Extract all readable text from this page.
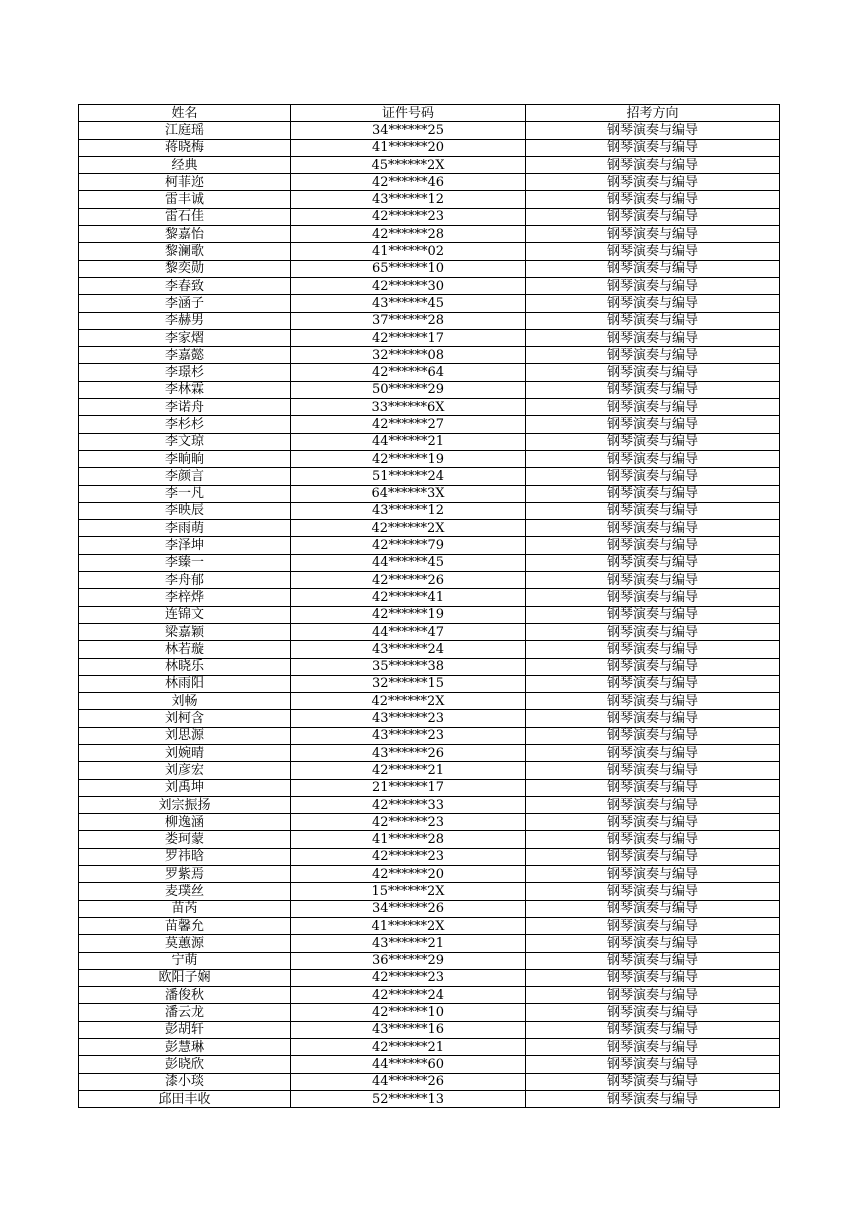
姓名	证件号码	招考方向
江庭瑶	34******25	钢琴演奏与编导
蒋晓梅	41******20	钢琴演奏与编导
经典	45******2X	钢琴演奏与编导
柯菲迩	42******46	钢琴演奏与编导
雷丰诚	43******12	钢琴演奏与编导
雷石佳	42******23	钢琴演奏与编导
黎嘉怡	42******28	钢琴演奏与编导
黎澜歌	41******02	钢琴演奏与编导
黎奕勋	65******10	钢琴演奏与编导
李春致	42******30	钢琴演奏与编导
李涵子	43******45	钢琴演奏与编导
李赫男	37******28	钢琴演奏与编导
李家熠	42******17	钢琴演奏与编导
李嘉懿	32******08	钢琴演奏与编导
李璟杉	42******64	钢琴演奏与编导
李林霖	50******29	钢琴演奏与编导
李诺舟	33******6X	钢琴演奏与编导
李杉杉	42******27	钢琴演奏与编导
李文琼	44******21	钢琴演奏与编导
李晌晌	42******19	钢琴演奏与编导
李颜言	51******24	钢琴演奏与编导
李一凡	64******3X	钢琴演奏与编导
李映辰	43******12	钢琴演奏与编导
李雨萌	42******2X	钢琴演奏与编导
李泽坤	42******79	钢琴演奏与编导
李臻一	44******45	钢琴演奏与编导
李舟郁	42******26	钢琴演奏与编导
李梓烨	42******41	钢琴演奏与编导
连锦文	42******19	钢琴演奏与编导
梁嘉颖	44******47	钢琴演奏与编导
林若璇	43******24	钢琴演奏与编导
林晓乐	35******38	钢琴演奏与编导
林雨阳	32******15	钢琴演奏与编导
刘畅	42******2X	钢琴演奏与编导
刘柯含	43******23	钢琴演奏与编导
刘思源	43******23	钢琴演奏与编导
刘婉晴	43******26	钢琴演奏与编导
刘彦宏	42******21	钢琴演奏与编导
刘禹坤	21******17	钢琴演奏与编导
刘宗振扬	42******33	钢琴演奏与编导
柳逸涵	42******23	钢琴演奏与编导
娄珂蒙	41******28	钢琴演奏与编导
罗祎晗	42******23	钢琴演奏与编导
罗紫焉	42******20	钢琴演奏与编导
麦璞丝	15******2X	钢琴演奏与编导
苗芮	34******26	钢琴演奏与编导
苗馨允	41******2X	钢琴演奏与编导
莫蕙源	43******21	钢琴演奏与编导
宁萌	36******29	钢琴演奏与编导
欧阳子娴	42******23	钢琴演奏与编导
潘俊秋	42******24	钢琴演奏与编导
潘云龙	42******10	钢琴演奏与编导
彭胡轩	43******16	钢琴演奏与编导
彭慧琳	42******21	钢琴演奏与编导
彭晓欣	44******60	钢琴演奏与编导
漆小琰	44******26	钢琴演奏与编导
邱田丰收	52******13	钢琴演奏与编导
